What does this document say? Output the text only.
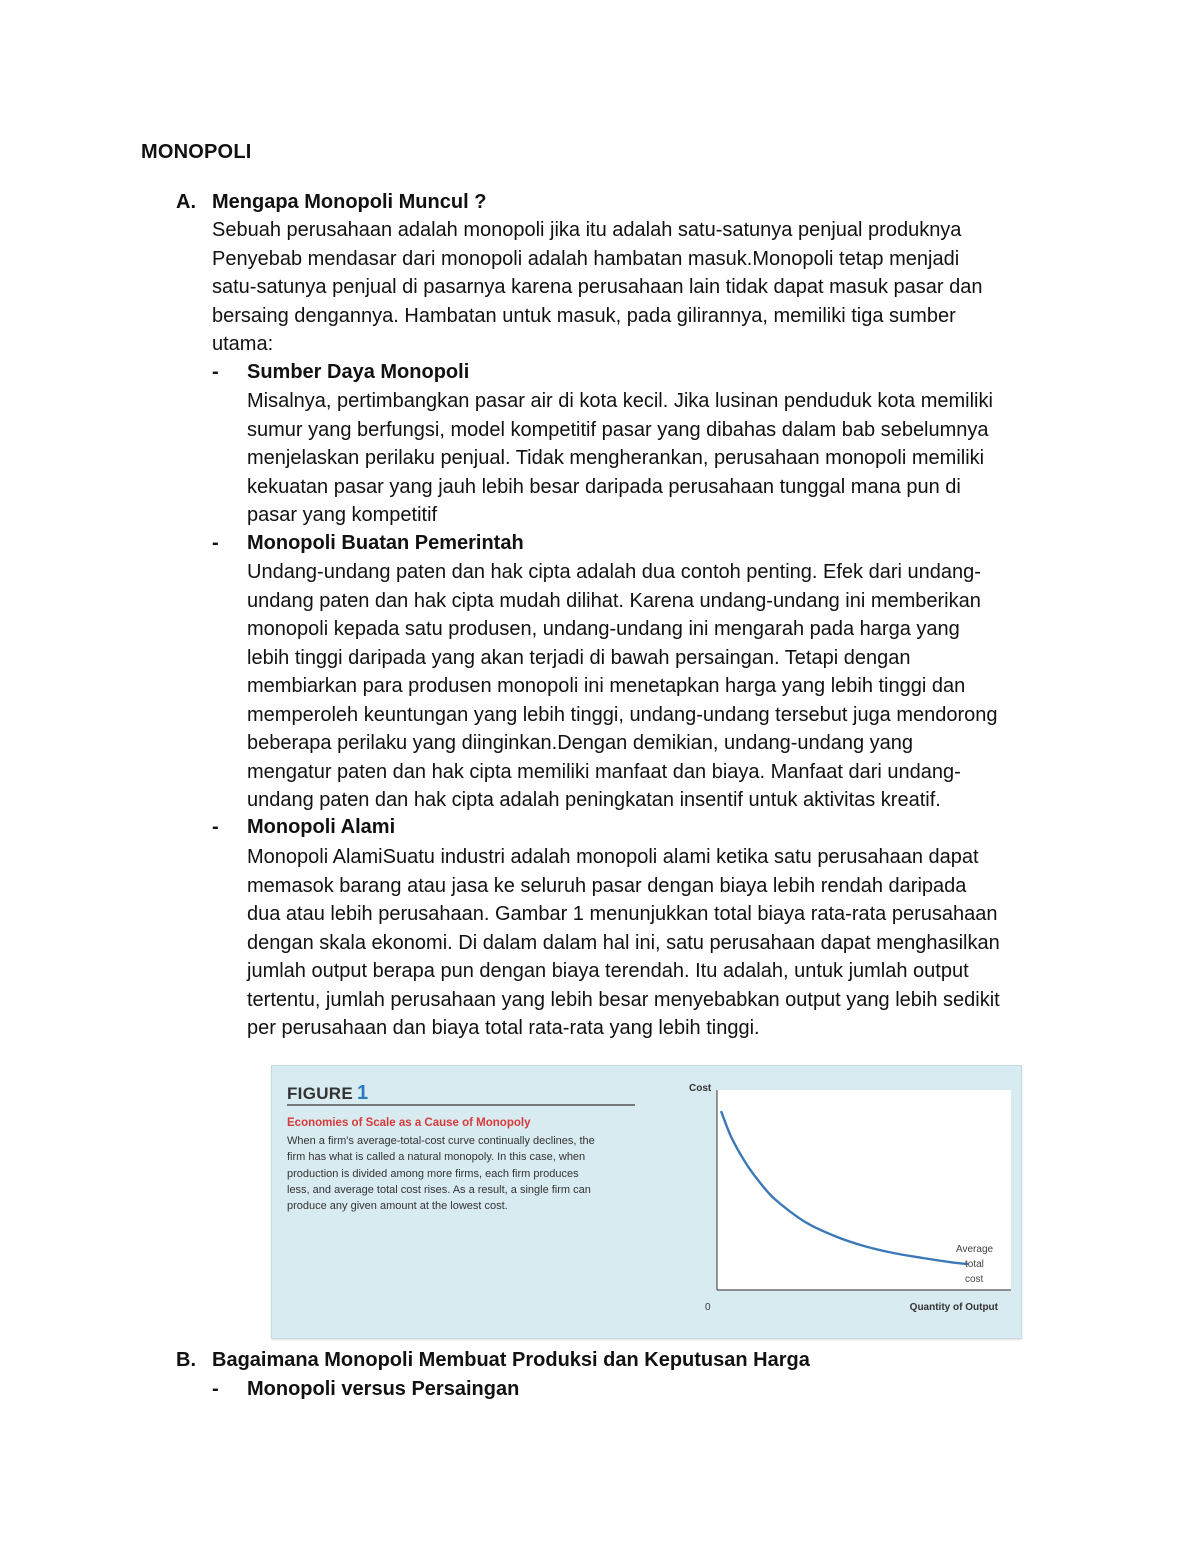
MONOPOLI
A. Mengapa Monopoli Muncul ?
Sebuah perusahaan adalah monopoli jika itu adalah satu-satunya penjual produknya
Penyebab mendasar dari monopoli adalah hambatan masuk.Monopoli tetap menjadi
satu-satunya penjual di pasarnya karena perusahaan lain tidak dapat masuk pasar dan
bersaing dengannya. Hambatan untuk masuk, pada gilirannya, memiliki tiga sumber
utama:
- Sumber Daya Monopoli
Misalnya, pertimbangkan pasar air di kota kecil. Jika lusinan penduduk kota memiliki
sumur yang berfungsi, model kompetitif pasar yang dibahas dalam bab sebelumnya
menjelaskan perilaku penjual. Tidak mengherankan, perusahaan monopoli memiliki
kekuatan pasar yang jauh lebih besar daripada perusahaan tunggal mana pun di
pasar yang kompetitif
- Monopoli Buatan Pemerintah
Undang-undang paten dan hak cipta adalah dua contoh penting. Efek dari undang-
undang paten dan hak cipta mudah dilihat. Karena undang-undang ini memberikan
monopoli kepada satu produsen, undang-undang ini mengarah pada harga yang
lebih tinggi daripada yang akan terjadi di bawah persaingan. Tetapi dengan
membiarkan para produsen monopoli ini menetapkan harga yang lebih tinggi dan
memperoleh keuntungan yang lebih tinggi, undang-undang tersebut juga mendorong
beberapa perilaku yang diinginkan.Dengan demikian, undang-undang yang
mengatur paten dan hak cipta memiliki manfaat dan biaya. Manfaat dari undang-
undang paten dan hak cipta adalah peningkatan insentif untuk aktivitas kreatif.
- Monopoli Alami
Monopoli AlamiSuatu industri adalah monopoli alami ketika satu perusahaan dapat
memasok barang atau jasa ke seluruh pasar dengan biaya lebih rendah daripada
dua atau lebih perusahaan. Gambar 1 menunjukkan total biaya rata-rata perusahaan
dengan skala ekonomi. Di dalam dalam hal ini, satu perusahaan dapat menghasilkan
jumlah output berapa pun dengan biaya terendah. Itu adalah, untuk jumlah output
tertentu, jumlah perusahaan yang lebih besar menyebabkan output yang lebih sedikit
per perusahaan dan biaya total rata-rata yang lebih tinggi.
FIGURE 1
Economies of Scale as a Cause of Monopoly
When a firm's average-total-cost curve continually declines, the
firm has what is called a natural monopoly. In this case, when
production is divided among more firms, each firm produces
less, and average total cost rises. As a result, a single firm can
produce any given amount at the lowest cost.
Cost
0	Quantity of Output
Average
total
cost
B. Bagaimana Monopoli Membuat Produksi dan Keputusan Harga
- Monopoli versus Persaingan
